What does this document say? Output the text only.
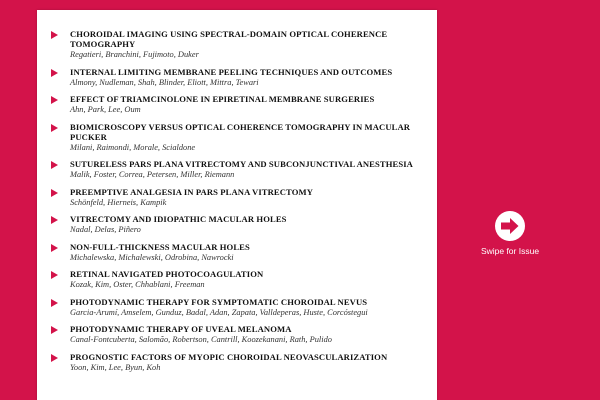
CHOROIDAL IMAGING USING SPECTRAL-DOMAIN OPTICAL COHERENCE TOMOGRAPHY
Regatieri, Branchini, Fujimoto, Duker
INTERNAL LIMITING MEMBRANE PEELING TECHNIQUES AND OUTCOMES
Almony, Nudleman, Shah, Blinder, Eliott, Mittra, Tewari
EFFECT OF TRIAMCINOLONE IN EPIRETINAL MEMBRANE SURGERIES
Ahn, Park, Lee, Oum
BIOMICROSCOPY VERSUS OPTICAL COHERENCE TOMOGRAPHY IN MACULAR PUCKER
Milani, Raimondi, Morale, Scialdone
SUTURELESS PARS PLANA VITRECTOMY AND SUBCONJUNCTIVAL ANESTHESIA
Malik, Foster, Correa, Petersen, Miller, Riemann
PREEMPTIVE ANALGESIA IN PARS PLANA VITRECTOMY
Schönfeld, Hierneis, Kampik
VITRECTOMY AND IDIOPATHIC MACULAR HOLES
Nadal, Delas, Piñero
NON-FULL-THICKNESS MACULAR HOLES
Michalewska, Michalewski, Odrobina, Nawrocki
RETINAL NAVIGATED PHOTOCOAGULATION
Kozak, Kim, Oster, Chhablani, Freeman
PHOTODYNAMIC THERAPY FOR SYMPTOMATIC CHOROIDAL NEVUS
Garcia-Arumí, Amselem, Gunduz, Badal, Adan, Zapata, Valldeperas, Huste, Corcóstegui
PHOTODYNAMIC THERAPY OF UVEAL MELANOMA
Canal-Fontcuberta, Salomão, Robertson, Cantrill, Koozekanani, Rath, Pulido
PROGNOSTIC FACTORS OF MYOPIC CHOROIDAL NEOVASCULARIZATION
Yoon, Kim, Lee, Byun, Koh
Swipe for Issue
